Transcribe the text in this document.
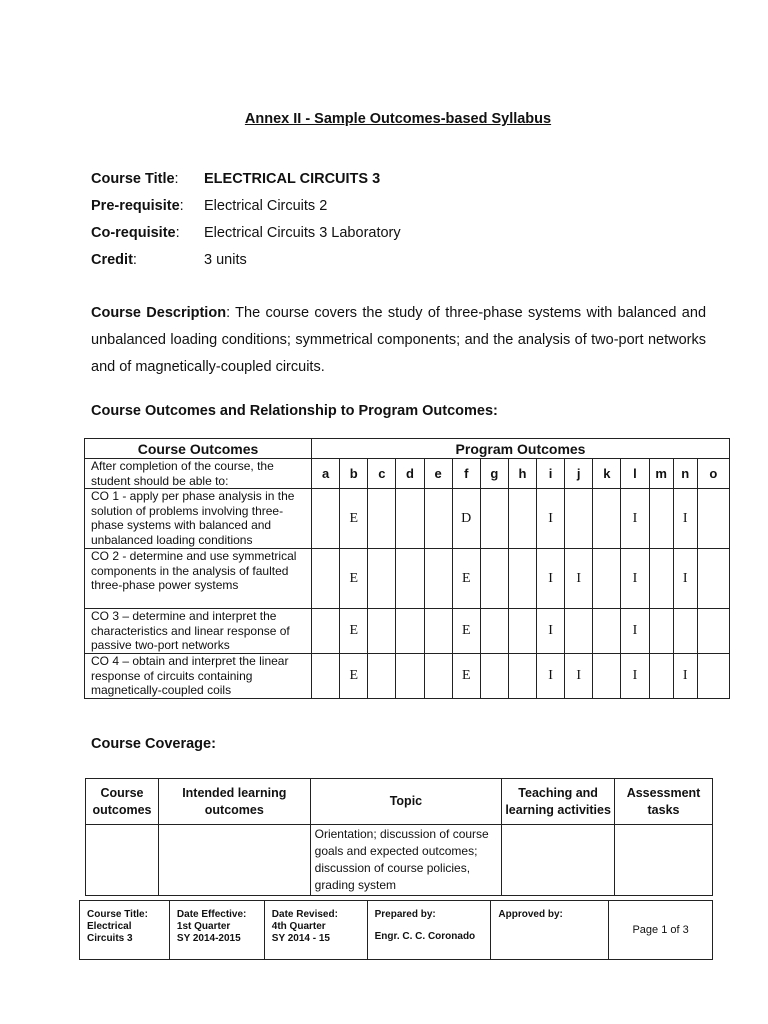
Annex II - Sample Outcomes-based Syllabus
Course Title: ELECTRICAL CIRCUITS 3
Pre-requisite: Electrical Circuits 2
Co-requisite: Electrical Circuits 3 Laboratory
Credit:	3 units
Course Description: The course covers the study of three-phase systems with balanced and unbalanced loading conditions; symmetrical components; and the analysis of two-port networks and of magnetically-coupled circuits.
Course Outcomes and Relationship to Program Outcomes:
Course Outcomes	Program Outcomes														
After completion of the course, the student should be able to:	a	b	c	d	e	f	g	h	i	j	k	l	m	n	o
CO 1 - apply per phase analysis in the solution of problems involving three-phase systems with balanced and unbalanced loading conditions		E				D			I			I		I	
CO 2 - determine and use symmetrical components in the analysis of faulted three-phase power systems		E				E			I	I		I		I	
CO 3 – determine and interpret the characteristics and linear response of passive two-port networks		E				E			I			I			
CO 4 – obtain and interpret the linear response of circuits containing magnetically-coupled coils		E				E			I	I		I		I	
Course Coverage:
Course outcomes	Intended learning outcomes	Topic	Teaching and learning activities	Assessment tasks
		Orientation; discussion of course goals and expected outcomes; discussion of course policies, grading system		
Course Title:
Electrical Circuits 3

Date Effective:
1st Quarter
SY 2014-2015

Date Revised:
4th Quarter
SY 2014 - 15

Prepared by:
Engr. C. C. Coronado

Approved by:
	Page 1 of 3
